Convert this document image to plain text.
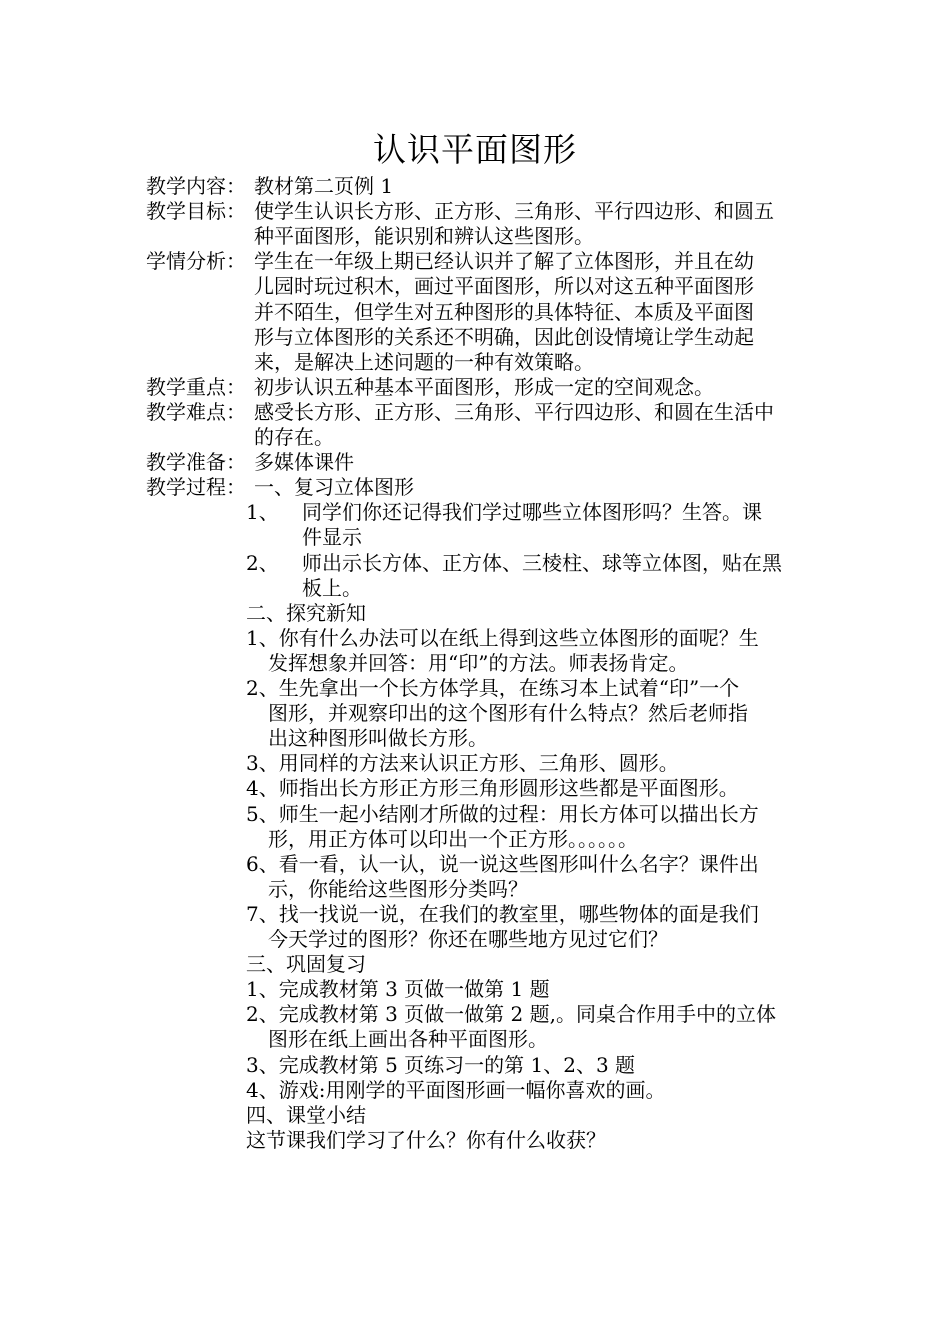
认识平面图形
教学内容： 教材第二页例 1
教学目标： 使学生认识长方形、正方形、三角形、平行四边形、和圆五
种平面图形，能识别和辨认这些图形。
学情分析： 学生在一年级上期已经认识并了解了立体图形，并且在幼
儿园时玩过积木，画过平面图形，所以对这五种平面图形
并不陌生，但学生对五种图形的具体特征、本质及平面图
形与立体图形的关系还不明确，因此创设情境让学生动起
来，是解决上述问题的一种有效策略。
教学重点： 初步认识五种基本平面图形，形成一定的空间观念。
教学难点： 感受长方形、正方形、三角形、平行四边形、和圆在生活中
的存在。
教学准备： 多媒体课件
教学过程： 一、复习立体图形
1、 同学们你还记得我们学过哪些立体图形吗？生答。课
件显示
2、 师出示长方体、正方体、三棱柱、球等立体图，贴在黑
板上。
二、探究新知
1、你有什么办法可以在纸上得到这些立体图形的面呢？生
发挥想象并回答：用“印”的方法。师表扬肯定。
2、生先拿出一个长方体学具，在练习本上试着“印”一个
图形，并观察印出的这个图形有什么特点？然后老师指
出这种图形叫做长方形。
3、用同样的方法来认识正方形、三角形、圆形。
4、师指出长方形正方形三角形圆形这些都是平面图形。
5、师生一起小结刚才所做的过程：用长方体可以描出长方
形，用正方体可以印出一个正方形。。。。。。
6、看一看，认一认，说一说这些图形叫什么名字？课件出
示，你能给这些图形分类吗？
7、找一找说一说，在我们的教室里，哪些物体的面是我们
今天学过的图形？你还在哪些地方见过它们？
三、巩固复习
1、完成教材第 3 页做一做第 1 题
2、完成教材第 3 页做一做第 2 题,。同桌合作用手中的立体
图形在纸上画出各种平面图形。
3、完成教材第 5 页练习一的第 1、2、3 题
4、游戏:用刚学的平面图形画一幅你喜欢的画。
四、课堂小结
这节课我们学习了什么？你有什么收获？
